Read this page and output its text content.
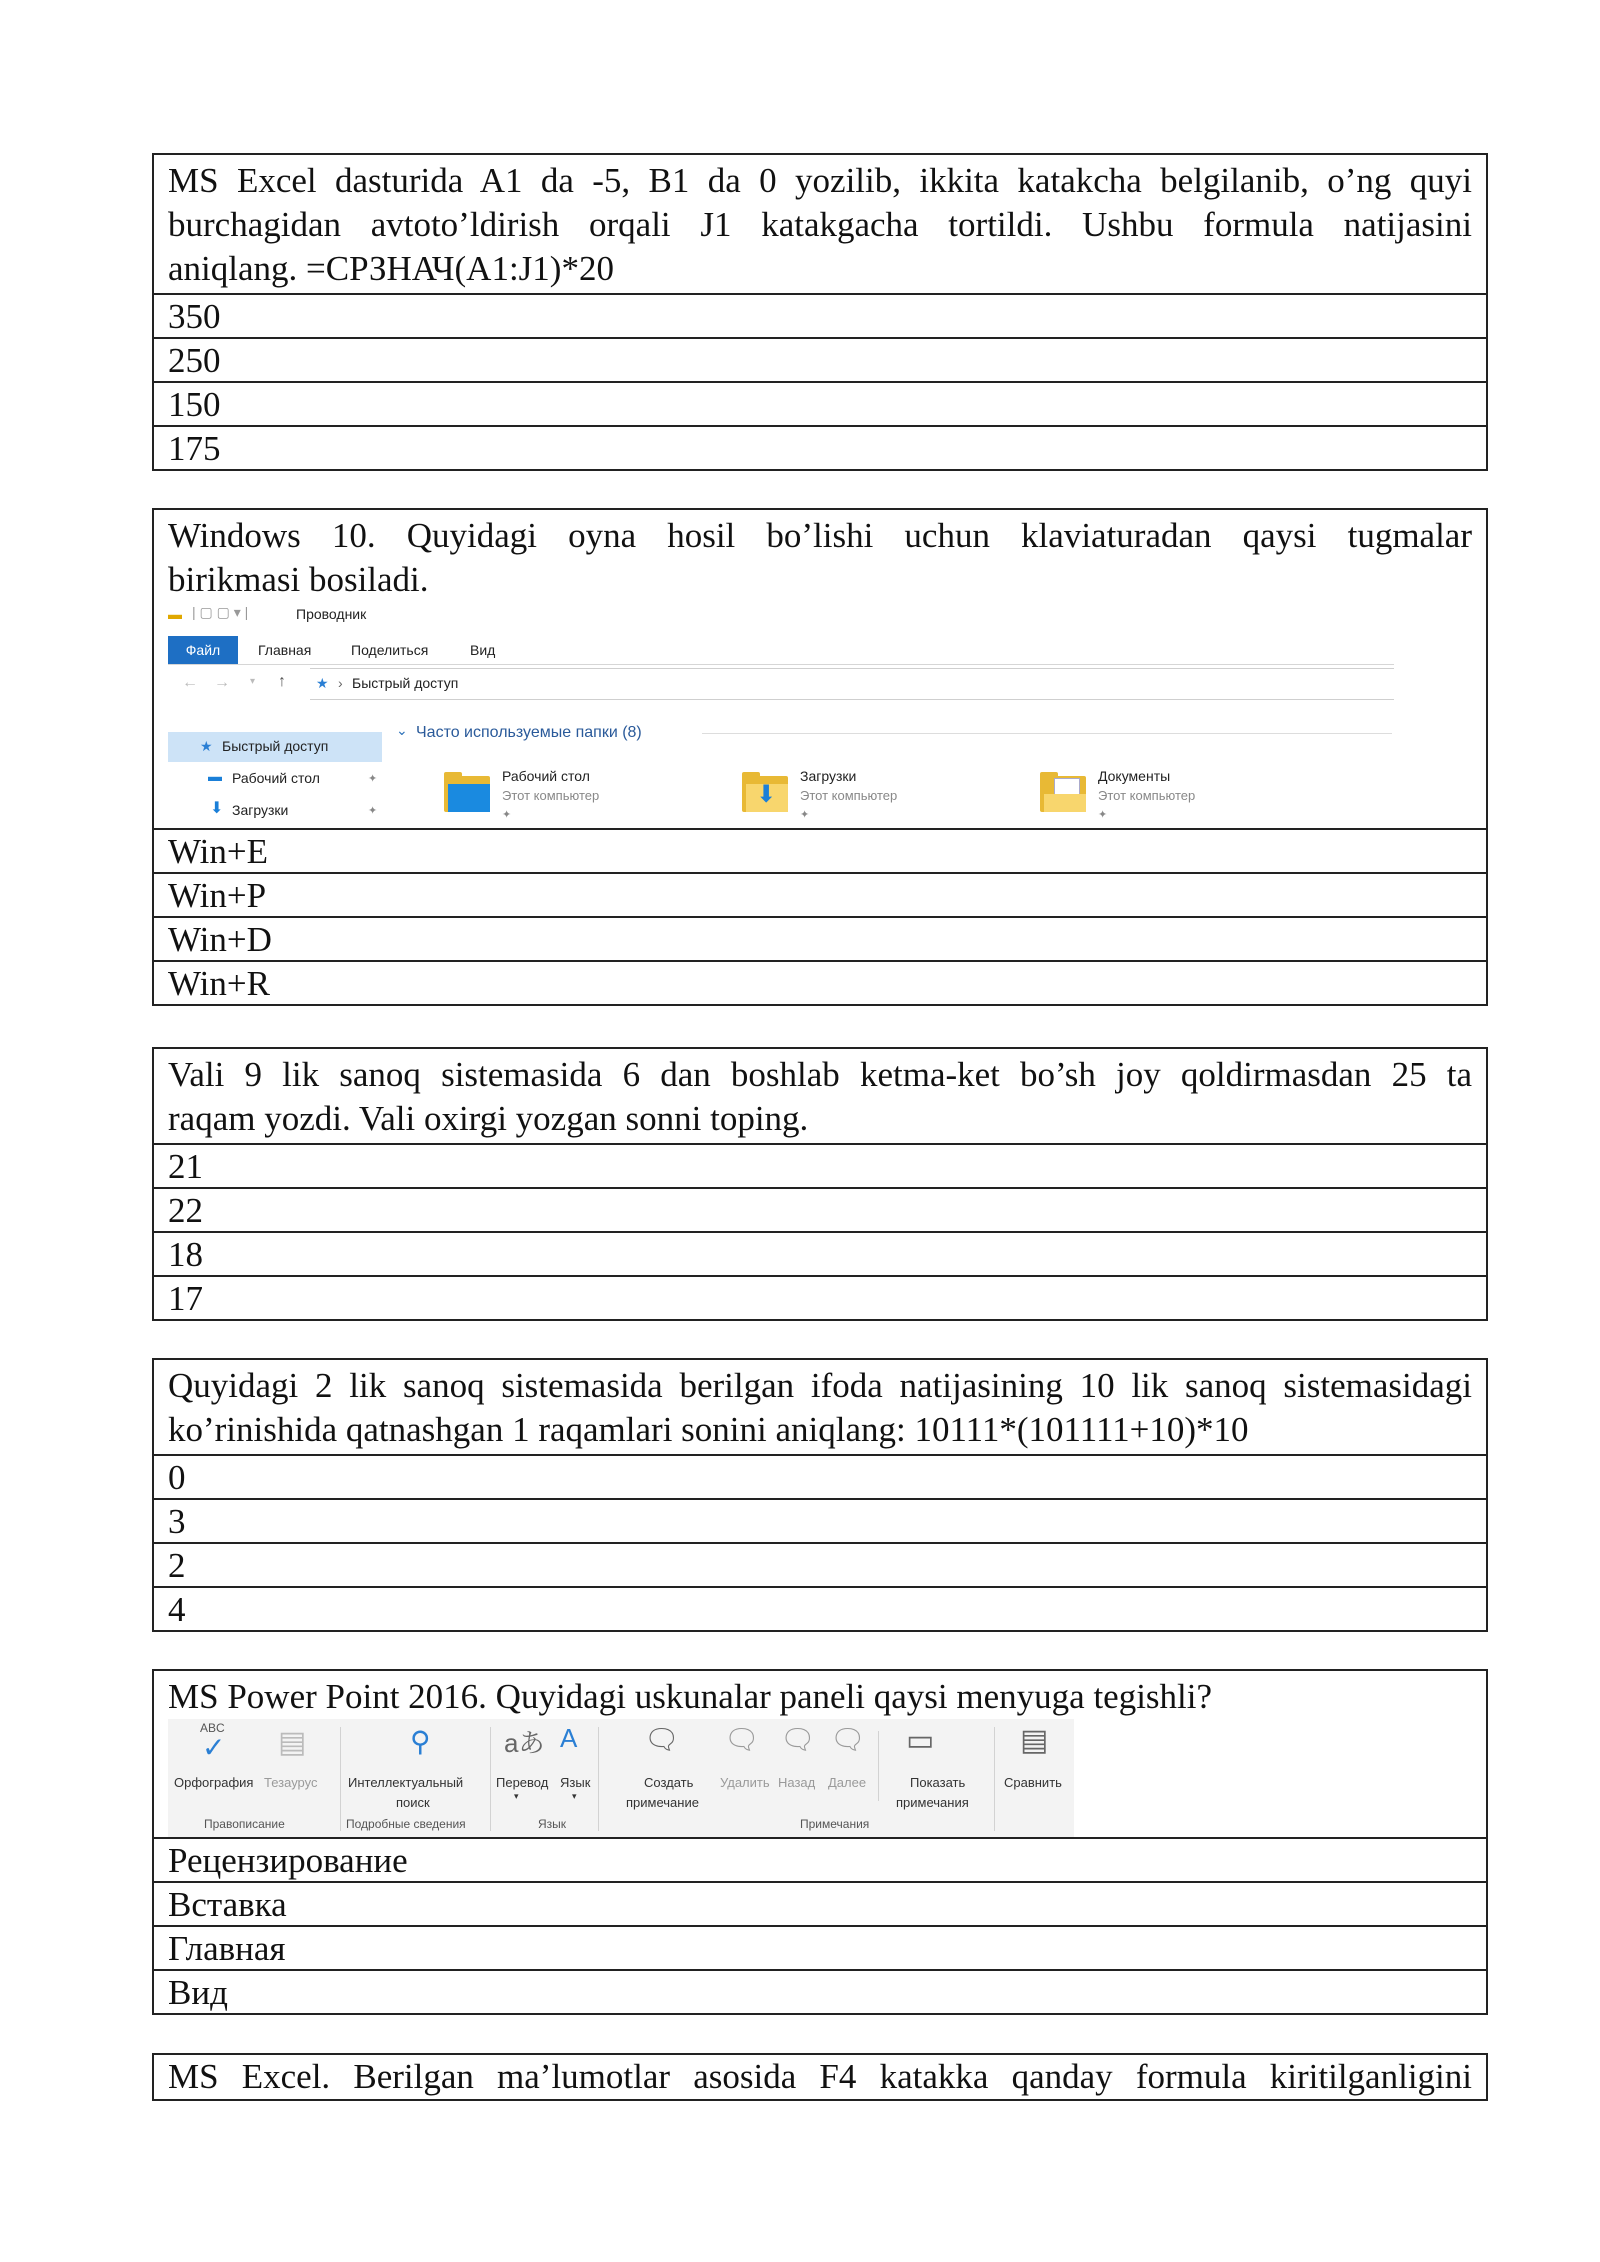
MS Excel dasturida A1 da -5, B1 da 0 yozilib, ikkita katakcha belgilanib, o’ng quyi
burchagidan avtoto’ldirish orqali J1 katakgacha tortildi. Ushbu formula natijasini
aniqlang. =СРЗНАЧ(A1:J1)*20
350
250
150
175
Windows 10. Quyidagi oyna hosil bo’lishi uchun klaviaturadan qaysi tugmalar
birikmasi bosiladi.
▬ | ▢ ▢ ▾ |	Проводник
Файл	Главная	Поделиться	Вид
← → ▾ ↑ ★ › Быстрый доступ
★ Быстрый доступ
▬ Рабочий стол	✦
⬇ Загрузки	✦
⌄ Часто используемые папки (8)
Рабочий стол
Этот компьютер
✦
⬇
Загрузки
Этот компьютер
✦
Документы
Этот компьютер
✦
Win+E
Win+P
Win+D
Win+R
Vali 9 lik sanoq sistemasida 6 dan boshlab ketma-ket bo’sh joy qoldirmasdan 25 ta
raqam yozdi. Vali oxirgi yozgan sonni toping.
21
22
18
17
Quyidagi 2 lik sanoq sistemasida berilgan ifoda natijasining 10 lik sanoq sistemasidagi
ko’rinishida qatnashgan 1 raqamlari sonini aniqlang: 10111*(101111+10)*10
0
3
2
4
MS Power Point 2016. Quyidagi uskunalar paneli qaysi menyuga tegishli?
ABC
✓
Орфография
▤
Тезаурус
Правописание
⚲
Интеллектуальный
поиск
Подробные сведения
aあ
Перевод
▾
A
Язык
▾
Язык
🗨
Создать
примечание
🗨
Удалить
🗨
Назад
🗨
Далее
▭
Показать
примечания
Примечания
▤
Сравнить
Рецензирование
Вставка
Главная
Вид
MS Excel. Berilgan ma’lumotlar asosida F4 katakka qanday formula kiritilganligini
